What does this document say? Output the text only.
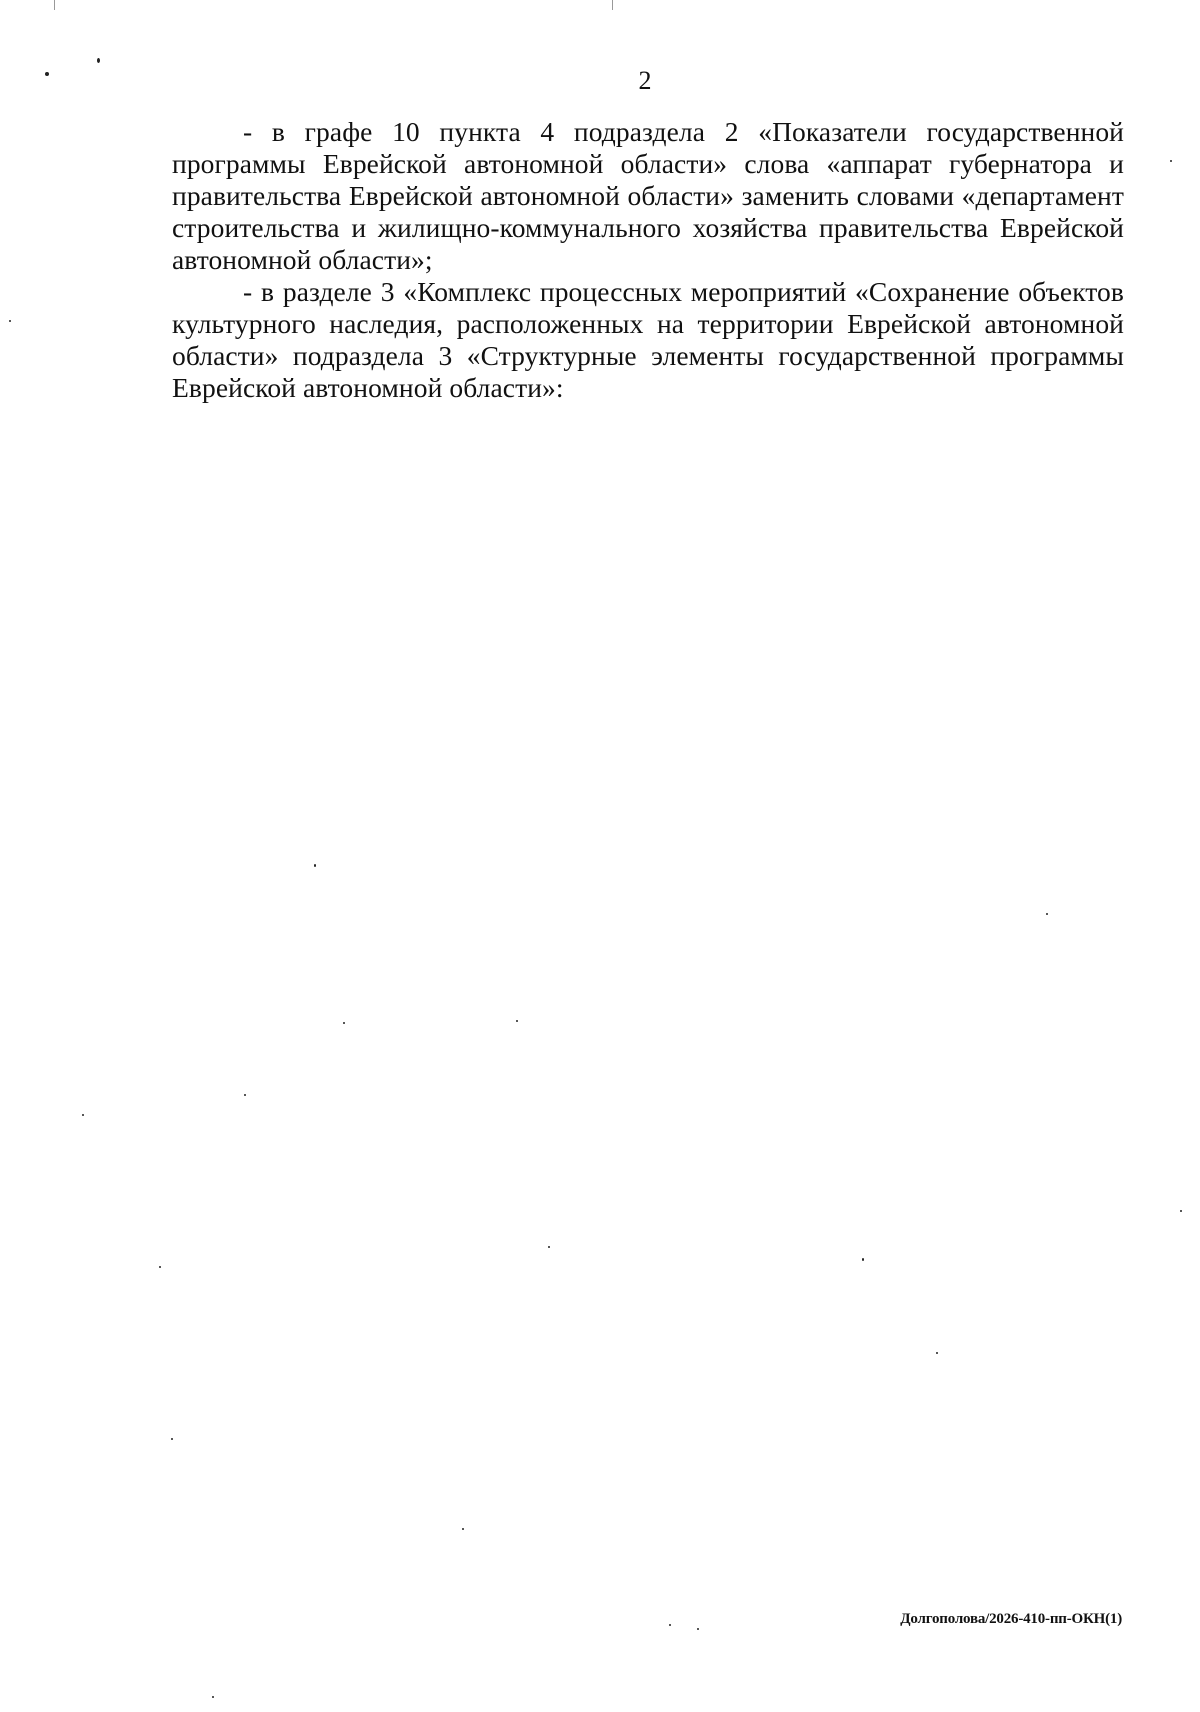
2

- в графе 10 пункта 4 подраздела 2 «Показатели государственной программы Еврейской автономной области» слова «аппарат губернатора и правительства Еврейской автономной области» заменить словами «департамент строительства и жилищно-коммунального хозяйства правительства Еврейской автономной области»;

- в разделе 3 «Комплекс процессных мероприятий «Сохранение объектов культурного наследия, расположенных на территории Еврейской автономной области» подраздела 3 «Структурные элементы государственной программы Еврейской автономной области»:

Долгополова/2026-410-пп-ОКН(1)
